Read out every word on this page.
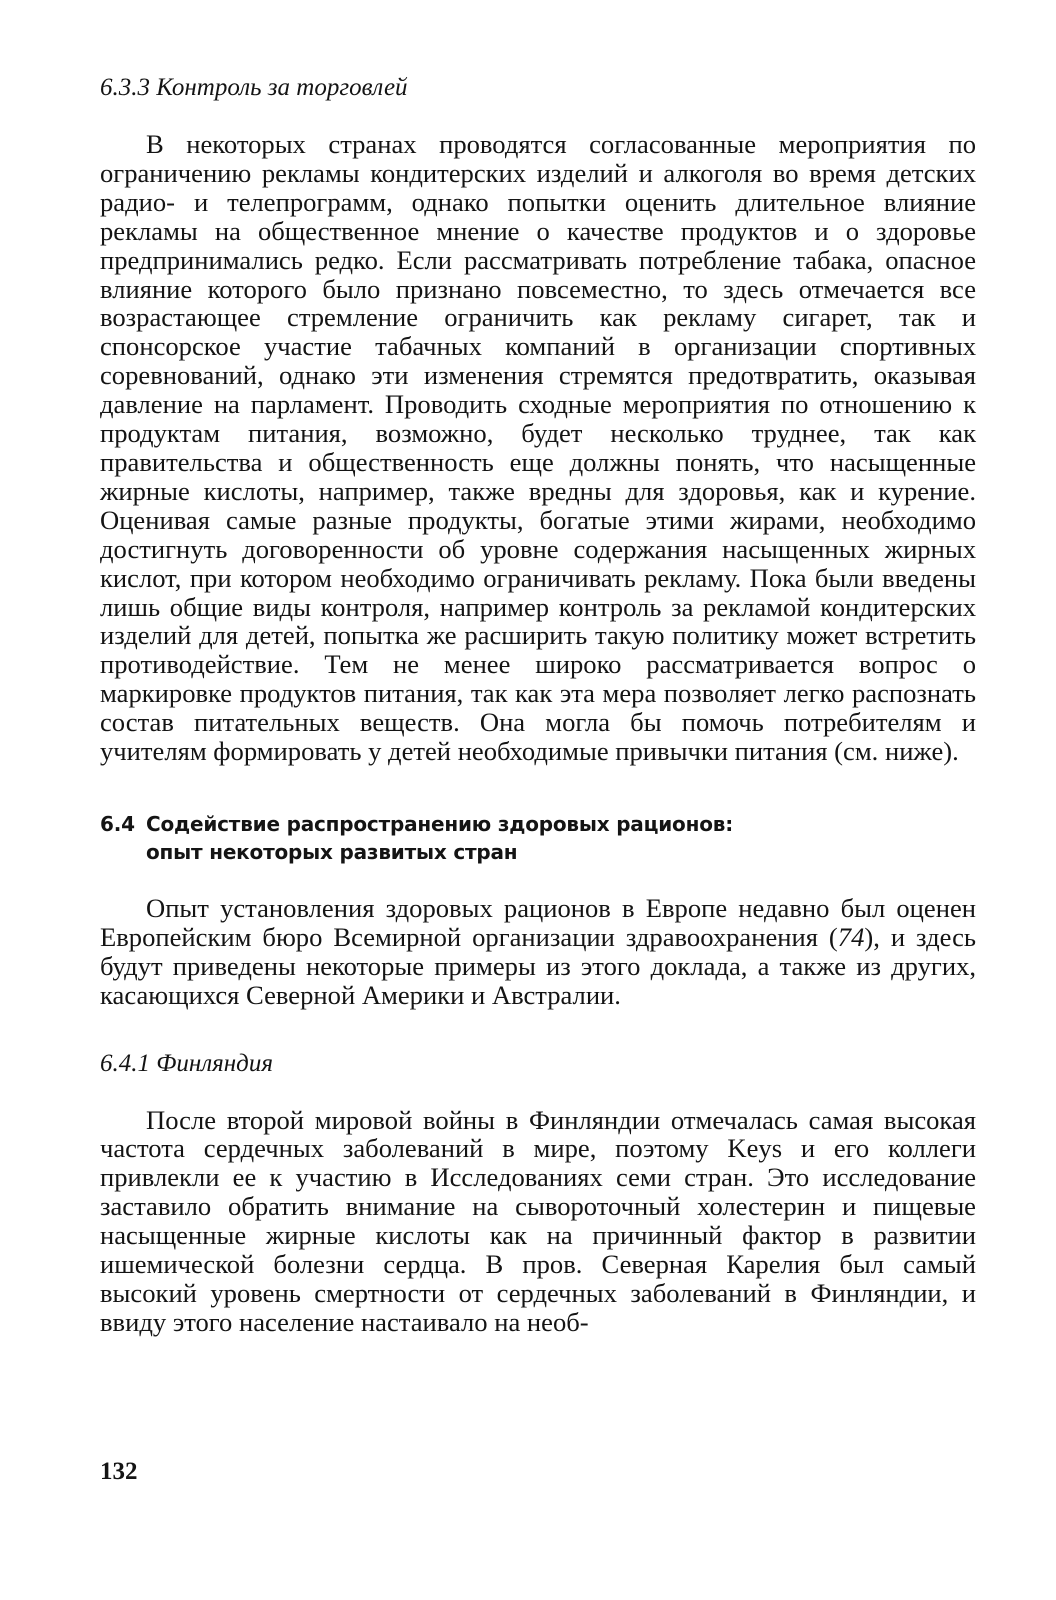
6.3.3 Контроль за торговлей

В некоторых странах проводятся согласованные мероприятия по ограничению рекламы кондитерских изделий и алкоголя во время детских радио- и телепрограмм, однако попытки оценить длительное влияние рекламы на общественное мнение о качестве продуктов и о здоровье предпринимались редко. Если рассматривать потребление табака, опасное влияние которого было признано повсеместно, то здесь отмечается все возрастающее стремление ограничить как рекламу сигарет, так и спонсорское участие табачных компаний в организации спортивных соревнований, однако эти изменения стремятся предотвратить, оказывая давление на парламент. Проводить сходные мероприятия по отношению к продуктам питания, возможно, будет несколько труднее, так как правительства и общественность еще должны понять, что насыщенные жирные кислоты, например, также вредны для здоровья, как и курение. Оценивая самые разные продукты, богатые этими жирами, необходимо достигнуть договоренности об уровне содержания насыщенных жирных кислот, при котором необходимо ограничивать рекламу. Пока были введены лишь общие виды контроля, например контроль за рекламой кондитерских изделий для детей, попытка же расширить такую политику может встретить противодействие. Тем не менее широко рассматривается вопрос о маркировке продуктов питания, так как эта мера позволяет легко распознать состав питательных веществ. Она могла бы помочь потребителям и учителям формировать у детей необходимые привычки питания (см. ниже).

6.4 Содействие распространению здоровых рационов:
опыт некоторых развитых стран

Опыт установления здоровых рационов в Европе недавно был оценен Европейским бюро Всемирной организации здравоохранения (74), и здесь будут приведены некоторые примеры из этого доклада, а также из других, касающихся Северной Америки и Австралии.

6.4.1 Финляндия

После второй мировой войны в Финляндии отмечалась самая высокая частота сердечных заболеваний в мире, поэтому Keys и его коллеги привлекли ее к участию в Исследованиях семи стран. Это исследование заставило обратить внимание на сывороточный холестерин и пищевые насыщенные жирные кислоты как на причинный фактор в развитии ишемической болезни сердца. В пров. Северная Карелия был самый высокий уровень смертности от сердечных заболеваний в Финляндии, и ввиду этого население настаивало на необ-

132
